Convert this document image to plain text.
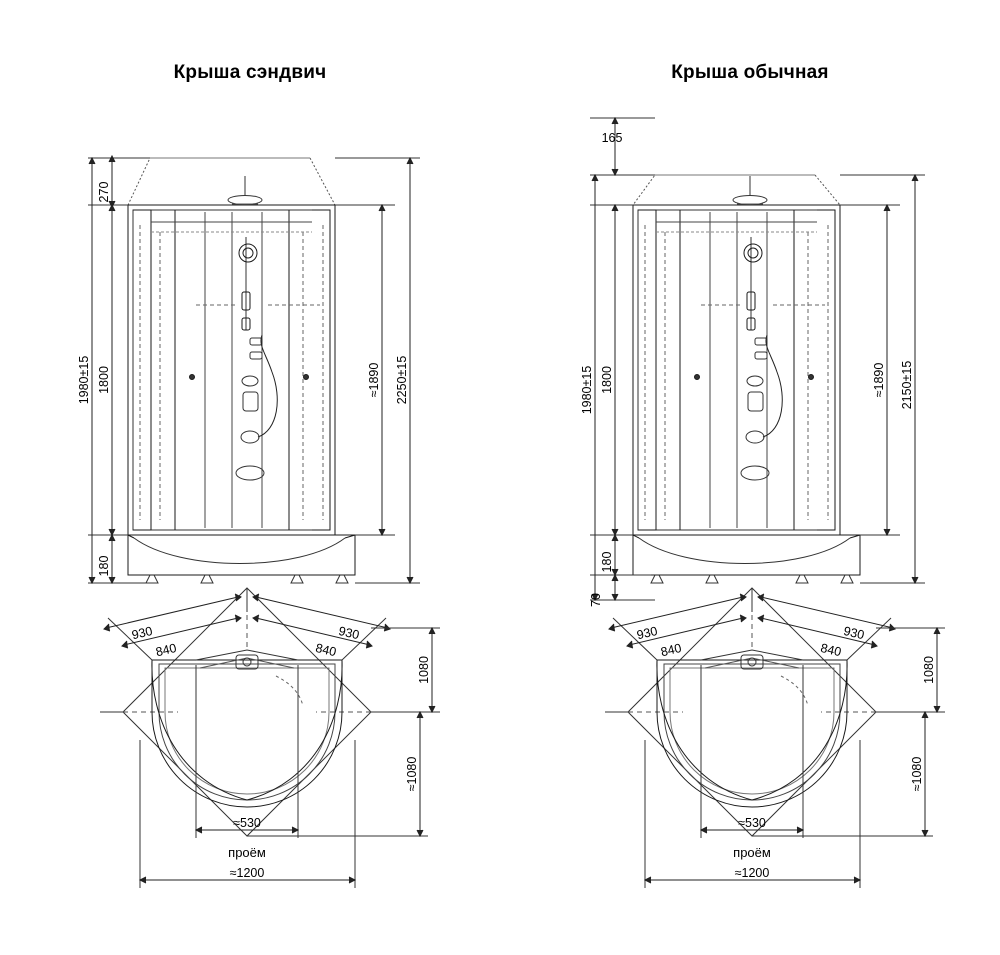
Крыша сэндвич
270
1980±15 1800
180
≈1890 2250±15
930
840
930
840
1080
≈1080
≈530
проём
≈1200
Крыша обычная
165
1980±15 1800
180
70
≈1890 2150±15
930
840
930
840
1080
≈1080
≈530
проём
≈1200
